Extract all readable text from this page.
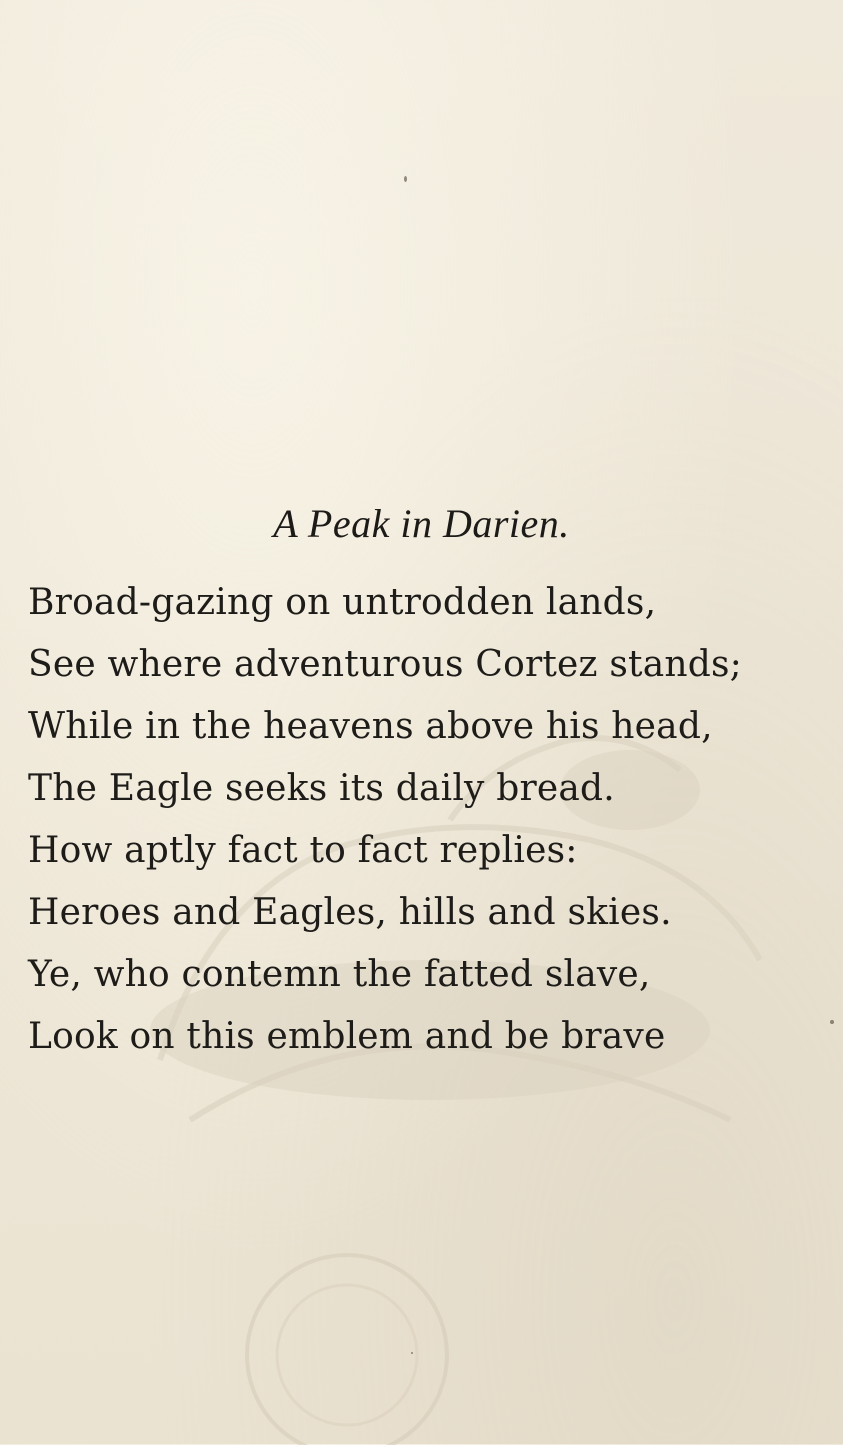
A Peak in Darien.
Broad-gazing on untrodden lands,
See where adventurous Cortez stands;
While in the heavens above his head,
The Eagle seeks its daily bread.
How aptly fact to fact replies:
Heroes and Eagles, hills and skies.
Ye, who contemn the fatted slave,
Look on this emblem and be brave
